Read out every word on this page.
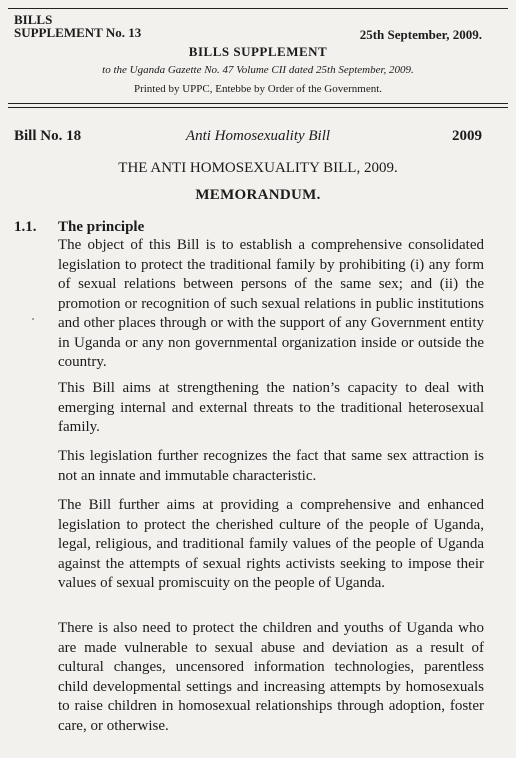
BILLS
SUPPLEMENT No. 13	25th September, 2009.
BILLS SUPPLEMENT
to the Uganda Gazette No. 47 Volume CII dated 25th September, 2009.
Printed by UPPC, Entebbe by Order of the Government.
Bill No. 18	Anti Homosexuality Bill	2009
THE ANTI HOMOSEXUALITY BILL, 2009.
MEMORANDUM.
1.1. The principle

The object of this Bill is to establish a comprehensive consolidated legislation to protect the traditional family by prohibiting (i) any form of sexual relations between persons of the same sex; and (ii) the promotion or recognition of such sexual relations in public institutions and other places through or with the support of any Government entity in Uganda or any non governmental organization inside or outside the country.

This Bill aims at strengthening the nation’s capacity to deal with emerging internal and external threats to the traditional heterosexual family.

This legislation further recognizes the fact that same sex attraction is not an innate and immutable characteristic.

The Bill further aims at providing a comprehensive and enhanced legislation to protect the cherished culture of the people of Uganda, legal, religious, and traditional family values of the people of Uganda against the attempts of sexual rights activists seeking to impose their values of sexual promiscuity on the people of Uganda.

There is also need to protect the children and youths of Uganda who are made vulnerable to sexual abuse and deviation as a result of cultural changes, uncensored information technologies, parentless child developmental settings and increasing attempts by homosexuals to raise children in homosexual relationships through adoption, foster care, or otherwise.
